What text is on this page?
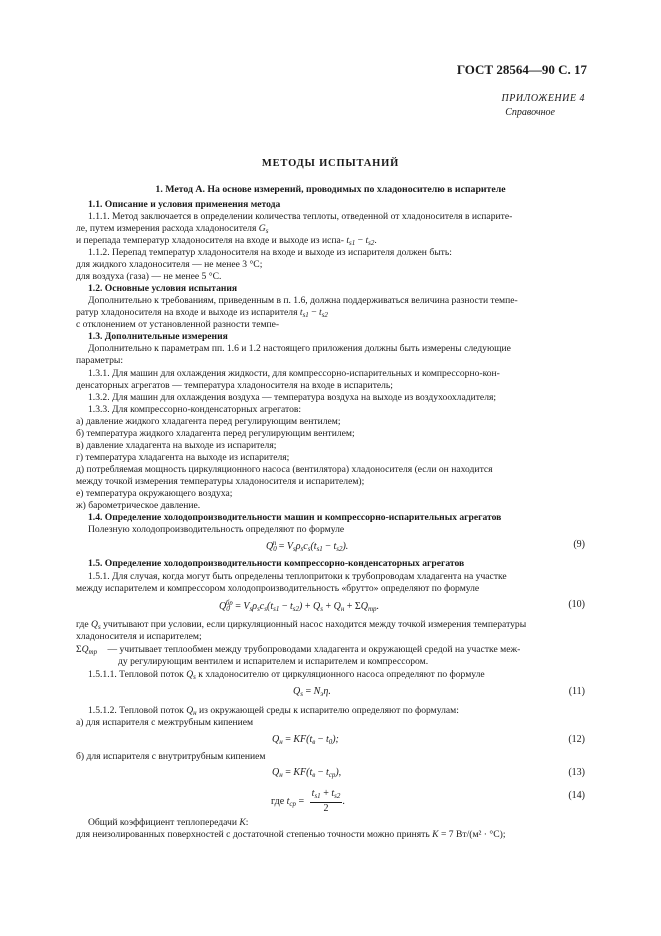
ГОСТ 28564—90 С. 17
ПРИЛОЖЕНИЕ 4
Справочное
МЕТОДЫ ИСПЫТАНИЙ
1. Метод А. На основе измерений, проводимых по хладоносителю в испарителе
1.1. Описание и условия применения метода
1.1.1. Метод заключается в определении количества теплоты, отведенной от хладоносителя в испарите-
ле, путем измерения расхода хладоносителя $G_s$
и перепада температур хладоносителя на входе и выходе из испа- $t_{s1} - t_{s2}$.
1.1.2. Перепад температур хладоносителя на входе и выходе из испарителя должен быть:
для жидкого хладоносителя — не менее 3 °С;
для воздуха (газа) — не менее 5 °С.
1.2. Основные условия испытания
Дополнительно к требованиям, приведенным в п. 1.6, должна поддерживаться величина разности темпе-
ратур хладоносителя на входе и выходе из испарителя $t_{s1} - t_{s2}$
с отклонением от установленной разности темпе-
1.3. Дополнительные измерения
Дополнительно к параметрам пп. 1.6 и 1.2 настоящего приложения должны быть измерены следующие
параметры:
1.3.1. Для машин для охлаждения жидкости, для компрессорно-испарительных и компрессорно-кон-
денсаторных агрегатов — температура хладоносителя на входе в испаритель;
1.3.2. Для машин для охлаждения воздуха — температура воздуха на выходе из воздухоохладителя;
1.3.3. Для компрессорно-конденсаторных агрегатов:
а) давление жидкого хладагента перед регулирующим вентилем;
б) температура жидкого хладагента перед регулирующим вентилем;
в) давление хладагента на выходе из испарителя;
г) температура хладагента на выходе из испарителя;
д) потребляемая мощность циркуляционного насоса (вентилятора) хладоносителя (если он находится
между точкой измерения температуры хладоносителя и испарителем);
е) температура окружающего воздуха;
ж) барометрическое давление.
1.4. Определение холодопроизводительности машин и компрессорно-испарительных агрегатов
Полезную холодопроизводительность определяют по формуле
$Q_0^п = V_s\rho_sc_s(t_{s1} - t_{s2})$.	(9)
1.5. Определение холодопроизводительности компрессорно-конденсаторных агрегатов
1.5.1. Для случая, когда могут быть определены теплопритоки к трубопроводам хладагента на участке
между испарителем и компрессором холодопроизводительность «брутто» определяют по формуле
$Q_0^{бр} = V_s\rho_sc_s(t_{s1} - t_{s2}) + Q_s + Q_н + \Sigma Q_{тр}$.	(10)
где $Q_s$ учитывают при условии, если циркуляционный насос находится между точкой измерения температуры
хладоносителя и испарителем;
$\Sigma Q_{тр}$ — учитывает теплообмен между трубопроводами хладагента и окружающей средой на участке меж-
ду регулирующим вентилем и испарителем и испарителем и компрессором.
1.5.1.1. Тепловой поток $Q_s$ к хладоносителю от циркуляционного насоса определяют по формуле
$Q_s = N_э\eta$.	(11)
1.5.1.2. Тепловой поток $Q_н$ из окружающей среды к испарителю определяют по формулам:
а) для испарителя с межтрубным кипением
$Q_н = KF(t_в - t_0)$;	(12)
б) для испарителя с внутритрубным кипением
$Q_н = KF(t_в - t_{ср})$,	(13)
где $t_{ср} = \frac{t_{s1} + t_{s2}}{2}$ .
(14)
Общий коэффициент теплопередачи K:
для неизолированных поверхностей с достаточной степенью точности можно принять K = 7 Вт/(м² · °С);
